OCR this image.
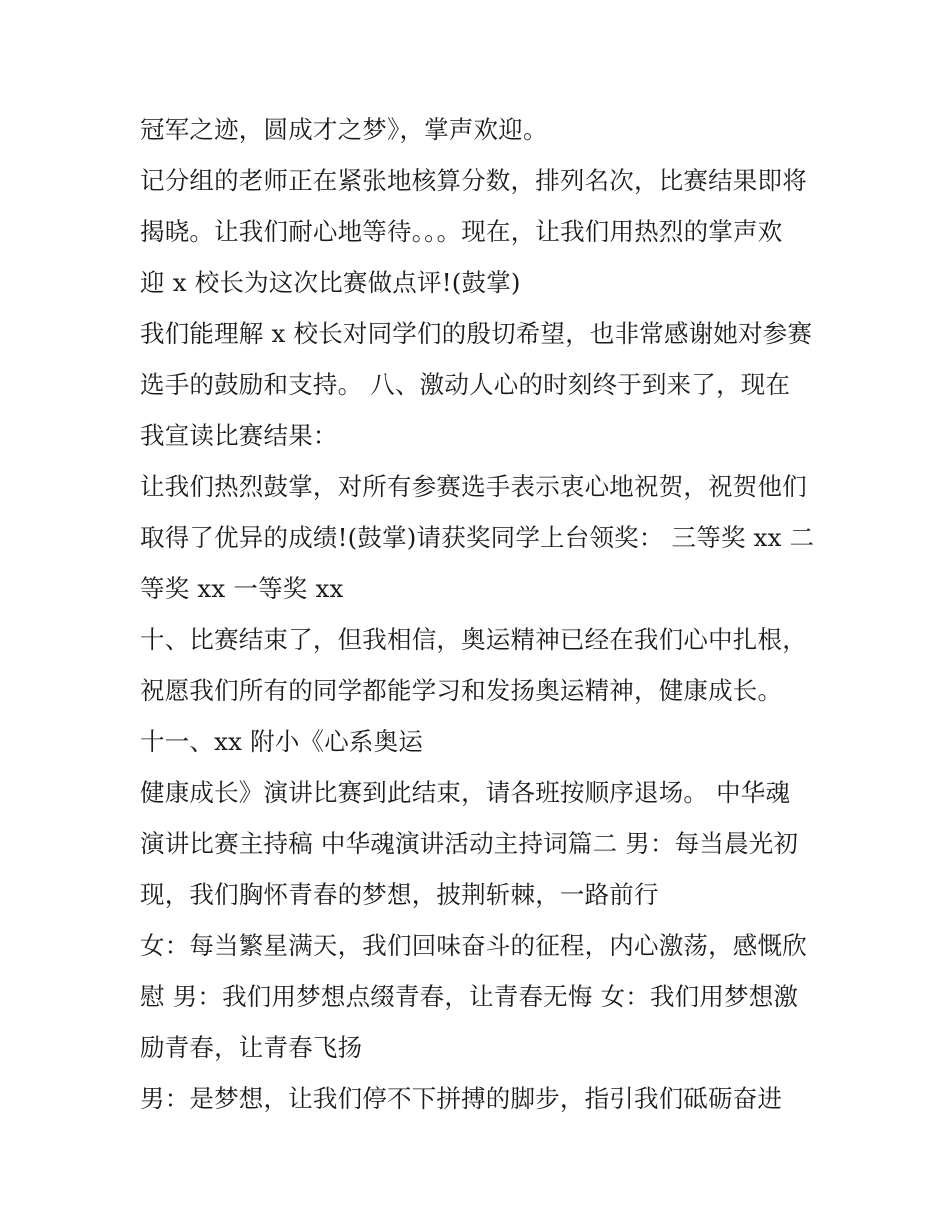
冠军之迹，圆成才之梦》，掌声欢迎。
记分组的老师正在紧张地核算分数，排列名次，比赛结果即将
揭晓。让我们耐心地等待。。。现在，让我们用热烈的掌声欢
迎 x 校长为这次比赛做点评!(鼓掌)
我们能理解 x 校长对同学们的殷切希望，也非常感谢她对参赛
选手的鼓励和支持。 八、激动人心的时刻终于到来了，现在
我宣读比赛结果：
让我们热烈鼓掌，对所有参赛选手表示衷心地祝贺，祝贺他们
取得了优异的成绩!(鼓掌)请获奖同学上台领奖： 三等奖 xx 二
等奖 xx 一等奖 xx
十、比赛结束了，但我相信，奥运精神已经在我们心中扎根，
祝愿我们所有的同学都能学习和发扬奥运精神，健康成长。
十一、xx 附小《心系奥运
健康成长》演讲比赛到此结束，请各班按顺序退场。 中华魂
演讲比赛主持稿 中华魂演讲活动主持词篇二 男：每当晨光初
现，我们胸怀青春的梦想，披荆斩棘，一路前行
女：每当繁星满天，我们回味奋斗的征程，内心激荡，感慨欣
慰 男：我们用梦想点缀青春，让青春无悔 女：我们用梦想激
励青春，让青春飞扬
男：是梦想，让我们停不下拼搏的脚步，指引我们砥砺奋进
